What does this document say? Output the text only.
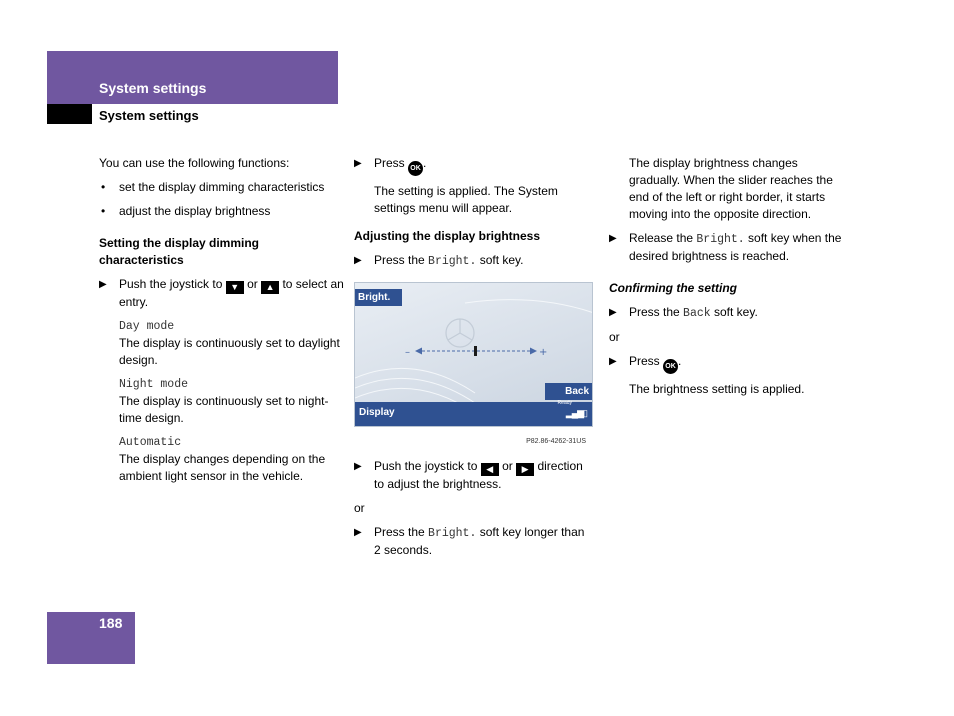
System settings
System settings

You can use the following functions:

• set the display dimming characteristics
• adjust the display brightness

Setting the display dimming characteristics

▶ Push the joystick to ▼ or ▲ to select an entry.
Day mode
The display is continuously set to daylight design.
Night mode
The display is continuously set to night-time design.
Automatic
The display changes depending on the ambient light sensor in the vehicle.
▶ Press OK .
The setting is applied. The System settings menu will appear.

Adjusting the display brightness

▶ Press the Bright. soft key.
–	+
Bright.
Back
Display
Ready
▂▄▆▯
P82.86-4262-31US
▶ Push the joystick to ◀ or ▶ direction to adjust the brightness.

or

▶ Press the Bright. soft key longer than 2 seconds.
The display brightness changes gradually. When the slider reaches the end of the left or right border, it starts moving into the opposite direction.
▶ Release the Bright. soft key when the desired brightness is reached.

Confirming the setting

▶ Press the Back soft key.

or

▶ Press OK .
The brightness setting is applied.
188
